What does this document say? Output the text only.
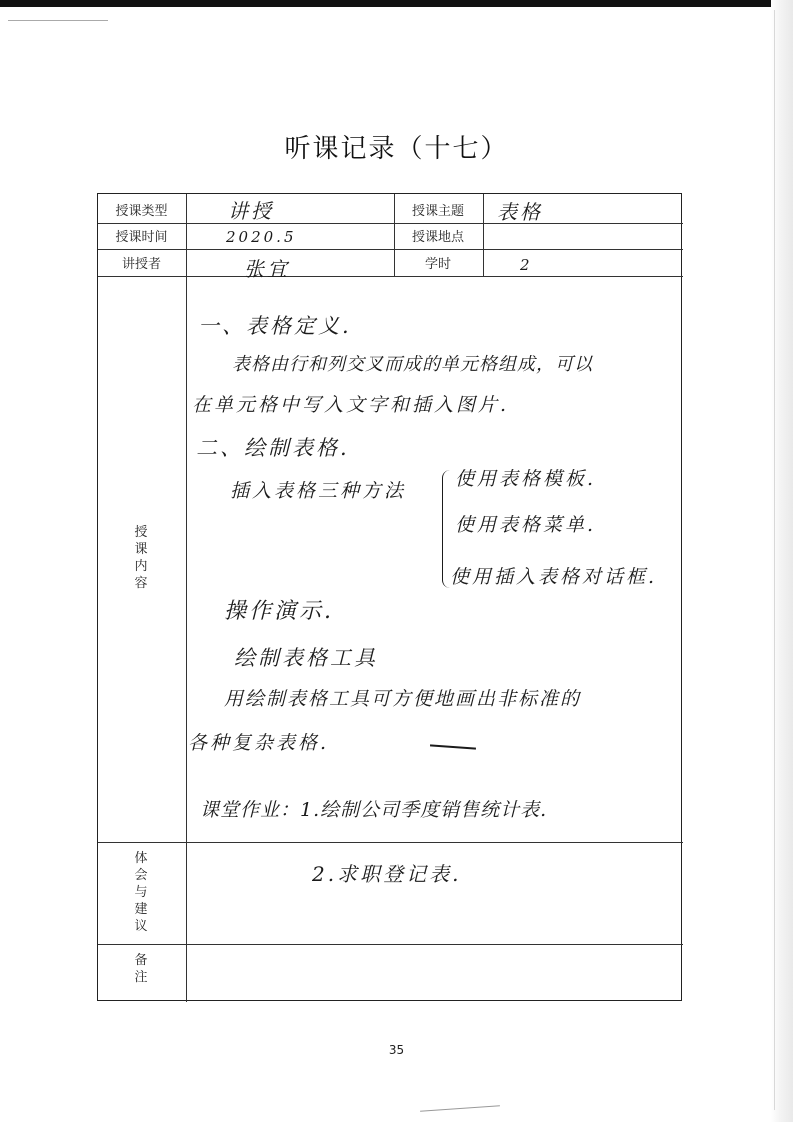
听课记录（十七）
授课类型
授课时间
讲授者
授课主题
授课地点
学时
讲授
2020.5
张宜
表格
2
授
课
内
容
体
会
与
建
议
备
注
一、表格定义.
表格由行和列交叉而成的单元格组成，可以
在单元格中写入文字和插入图片.
二、绘制表格.
插入表格三种方法
使用表格模板.
使用表格菜单.
使用插入表格对话框.
操作演示.
绘制表格工具
用绘制表格工具可方便地画出非标准的
各种复杂表格.
课堂作业：1.绘制公司季度销售统计表.
2.求职登记表.
35
